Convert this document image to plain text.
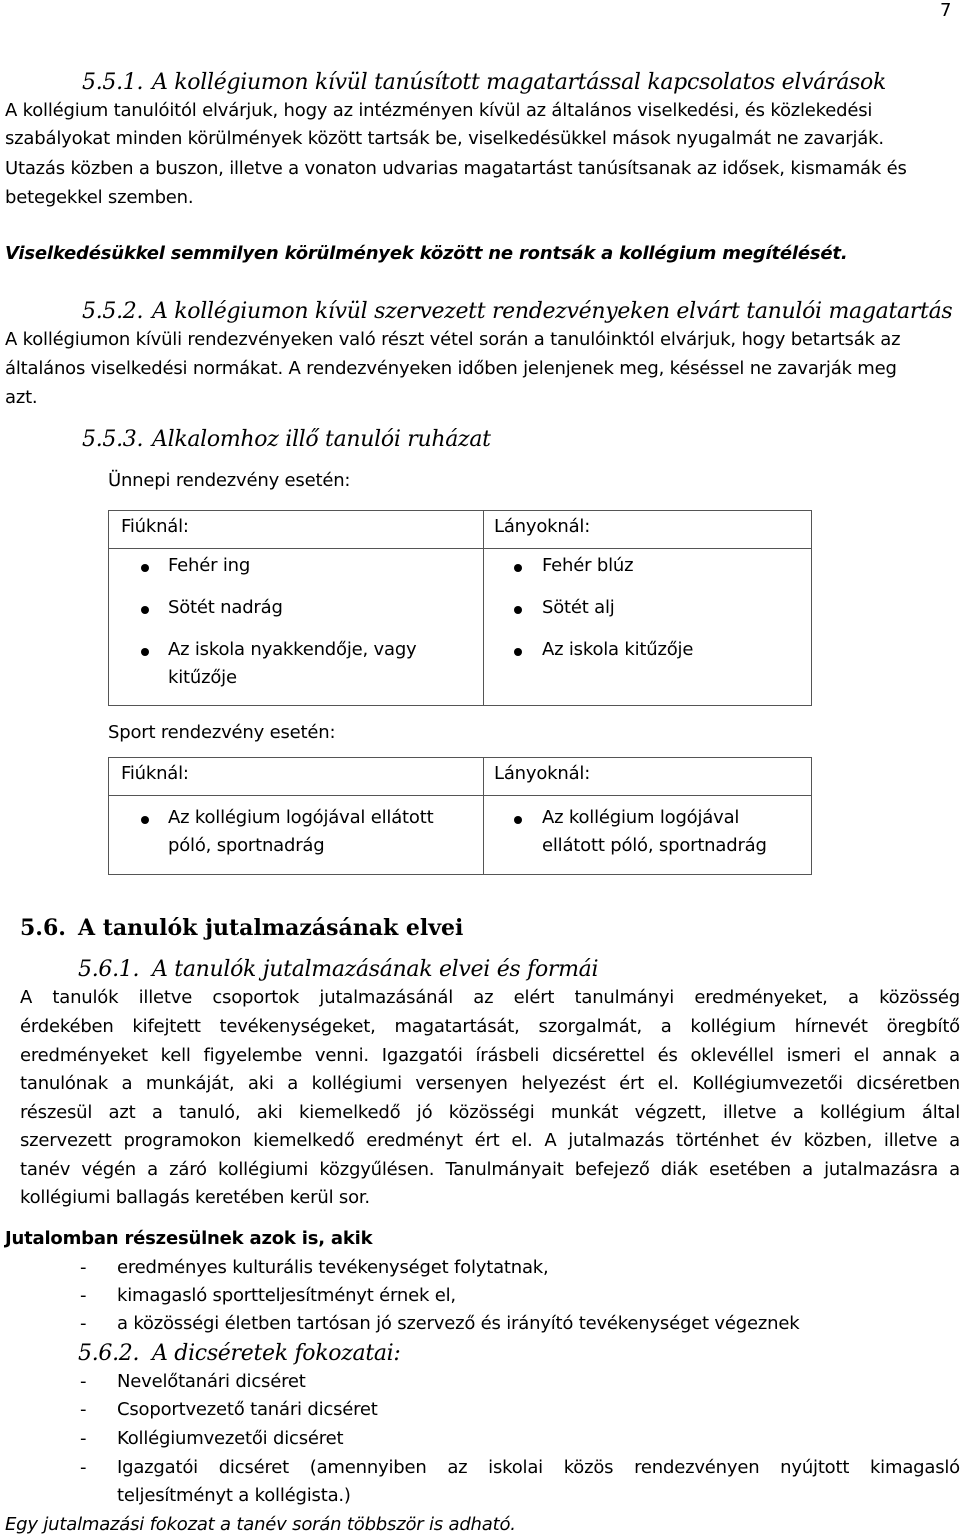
7
5.5.1. A kollégiumon kívül tanúsított magatartással kapcsolatos elvárások
A kollégium tanulóitól elvárjuk, hogy az intézményen kívül az általános viselkedési, és közlekedési
szabályokat minden körülmények között tartsák be, viselkedésükkel mások nyugalmát ne zavarják.
Utazás közben a buszon, illetve a vonaton udvarias magatartást tanúsítsanak az idősek, kismamák és
betegekkel szemben.
Viselkedésükkel semmilyen körülmények között ne rontsák a kollégium megítélését.
5.5.2. A kollégiumon kívül szervezett rendezvényeken elvárt tanulói magatartás
A kollégiumon kívüli rendezvényeken való részt vétel során a tanulóinktól elvárjuk, hogy betartsák az
általános viselkedési normákat. A rendezvényeken időben jelenjenek meg, késéssel ne zavarják meg
azt.
5.5.3. Alkalomhoz illő tanulói ruházat
Ünnepi rendezvény esetén:
Fiúknál:
Fehér ing
Sötét nadrág
Az iskola nyakkendője, vagy
kitűzője
Lányoknál:
Fehér blúz
Sötét alj
Az iskola kitűzője
Sport rendezvény esetén:
Fiúknál:
Az kollégium logójával ellátott
póló, sportnadrág
Lányoknál:
Az kollégium logójával
ellátott póló, sportnadrág
5.6. A tanulók jutalmazásának elvei
5.6.1. A tanulók jutalmazásának elvei és formái
A tanulók illetve csoportok jutalmazásánál az elért tanulmányi eredményeket, a közösség
érdekében kifejtett tevékenységeket, magatartását, szorgalmát, a kollégium hírnevét öregbítő
eredményeket kell figyelembe venni. Igazgatói írásbeli dicsérettel és oklevéllel ismeri el annak a
tanulónak a munkáját, aki a kollégiumi versenyen helyezést ért el. Kollégiumvezetői dicséretben
részesül azt a tanuló, aki kiemelkedő jó közösségi munkát végzett, illetve a kollégium által
szervezett programokon kiemelkedő eredményt ért el. A jutalmazás történhet év közben, illetve a
tanév végén a záró kollégiumi közgyűlésen. Tanulmányait befejező diák esetében a jutalmazásra a
kollégiumi ballagás keretében kerül sor.
Jutalomban részesülnek azok is, akik
- eredményes kulturális tevékenységet folytatnak,
- kimagasló sportteljesítményt érnek el,
- a közösségi életben tartósan jó szervező és irányító tevékenységet végeznek
5.6.2. A dicséretek fokozatai:
- Nevelőtanári dicséret
- Csoportvezető tanári dicséret
- Kollégiumvezetői dicséret
- Igazgatói dicséret (amennyiben az iskolai közös rendezvényen nyújtott kimagasló
teljesítményt a kollégista.)
Egy jutalmazási fokozat a tanév során többször is adható.
